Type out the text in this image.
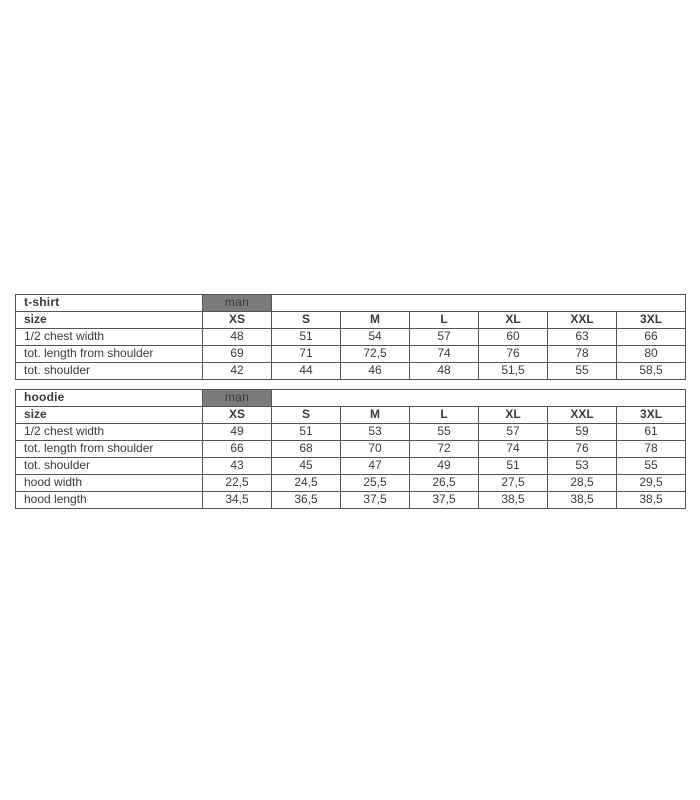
t-shirt	man						
size	XS	S	M	L	XL	XXL	3XL
1/2 chest width	48	51	54	57	60	63	66
tot. length from shoulder	69	71	72,5	74	76	78	80
tot. shoulder	42	44	46	48	51,5	55	58,5
hoodie	man						
size	XS	S	M	L	XL	XXL	3XL
1/2 chest width	49	51	53	55	57	59	61
tot. length from shoulder	66	68	70	72	74	76	78
tot. shoulder	43	45	47	49	51	53	55
hood width	22,5	24,5	25,5	26,5	27,5	28,5	29,5
hood length	34,5	36,5	37,5	37,5	38,5	38,5	38,5
